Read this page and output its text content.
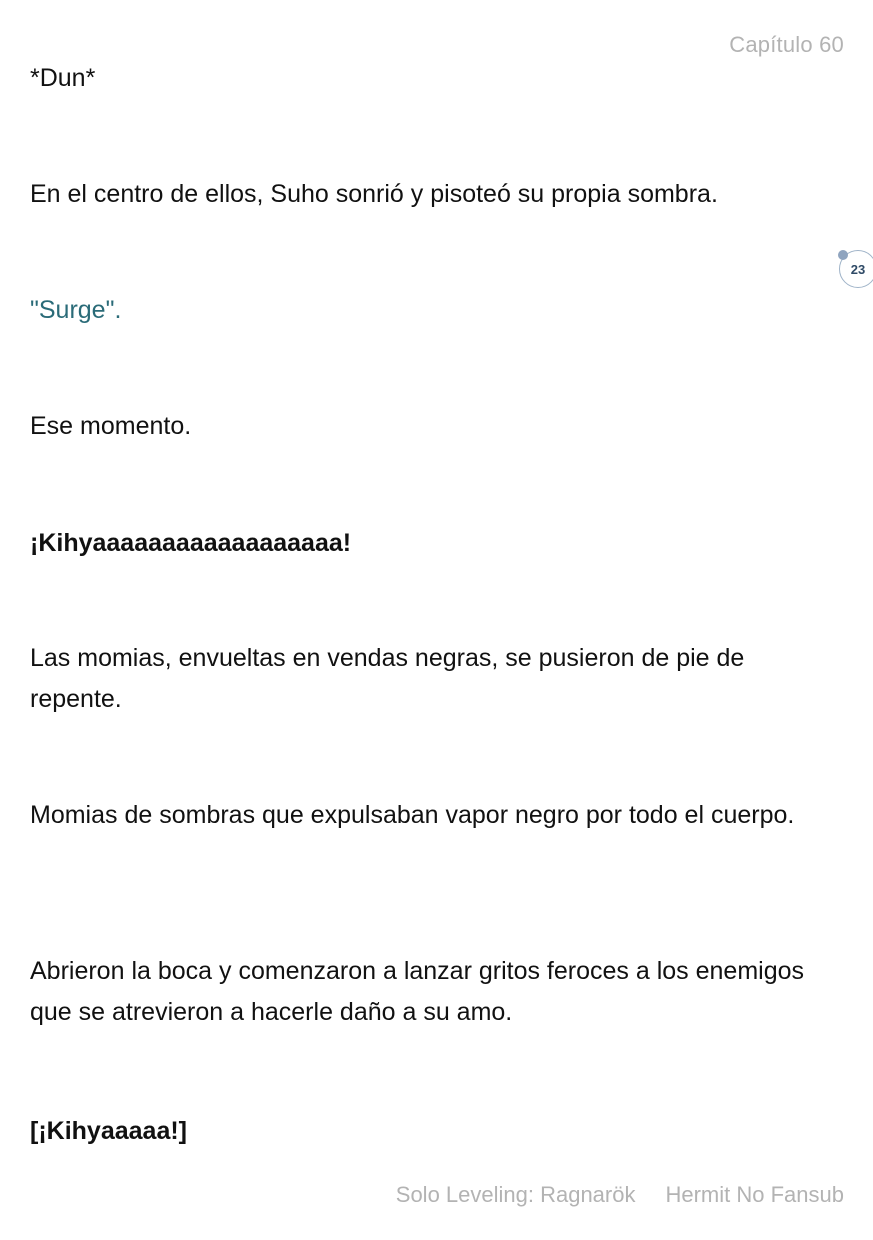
Capítulo 60

*Dun*

En el centro de ellos, Suho sonrió y pisoteó su propia sombra.

"Surge".

Ese momento.

¡Kihyaaaaaaaaaaaaaaaaaa!

Las momias, envueltas en vendas negras, se pusieron de pie de repente.

Momias de sombras que expulsaban vapor negro por todo el cuerpo.

Abrieron la boca y comenzaron a lanzar gritos feroces a los enemigos que se atrevieron a hacerle daño a su amo.

[¡Kihyaaaaa!]

23
Solo Leveling: Ragnarök Hermit No Fansub
